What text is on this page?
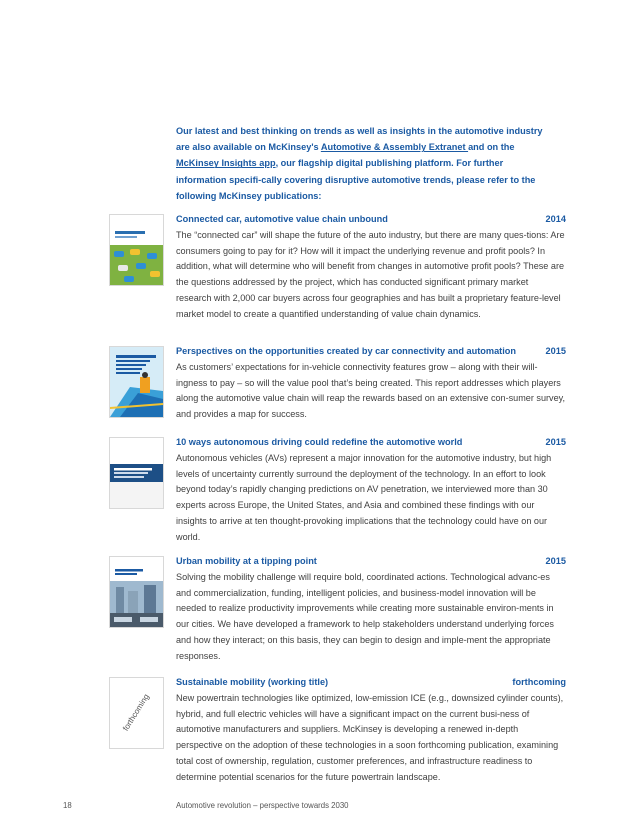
Our latest and best thinking on trends as well as insights in the automotive industry are also available on McKinsey's Automotive & Assembly Extranet and on the McKinsey Insights app, our flagship digital publishing platform. For further information specifi-cally covering disruptive automotive trends, please refer to the following McKinsey publications:
Connected car, automotive value chain unbound	2014
The “connected car” will shape the future of the auto industry, but there are many ques-tions: Are consumers going to pay for it? How will it impact the underlying revenue and profit pools? In addition, what will determine who will benefit from changes in automotive profit pools? These are the questions addressed by the project, which has conducted significant primary market research with 2,000 car buyers across four geographies and has built a proprietary feature-level market model to create a quantified understanding of value chain dynamics.
Perspectives on the opportunities created by car connectivity and automation	2015
As customers’ expectations for in-vehicle connectivity features grow – along with their will-ingness to pay – so will the value pool that’s being created. This report addresses which players along the automotive value chain will reap the rewards based on an extensive con-sumer survey, and provides a map for success.
10 ways autonomous driving could redefine the automotive world	2015
Autonomous vehicles (AVs) represent a major innovation for the automotive industry, but high levels of uncertainty currently surround the deployment of the technology. In an effort to look beyond today’s rapidly changing predictions on AV penetration, we interviewed more than 30 experts across Europe, the United States, and Asia and combined these findings with our insights to arrive at ten thought-provoking implications that the technology could have on our world.
Urban mobility at a tipping point	2015
Solving the mobility challenge will require bold, coordinated actions. Technological advanc-es and commercialization, funding, intelligent policies, and business-model innovation will be needed to realize productivity improvements while creating more sustainable environ-ments in our cities. We have developed a framework to help stakeholders understand underlying forces and how they interact; on this basis, they can begin to design and imple-ment the appropriate responses.
forthcoming
Sustainable mobility (working title)	forthcoming
New powertrain technologies like optimized, low-emission ICE (e.g., downsized cylinder counts), hybrid, and full electric vehicles will have a significant impact on the current busi-ness of automotive manufacturers and suppliers. McKinsey is developing a renewed in-depth perspective on the adoption of these technologies in a soon forthcoming publication, examining total cost of ownership, regulation, customer preferences, and infrastructure readiness to determine potential scenarios for the future powertrain landscape.
18	Automotive revolution – perspective towards 2030
